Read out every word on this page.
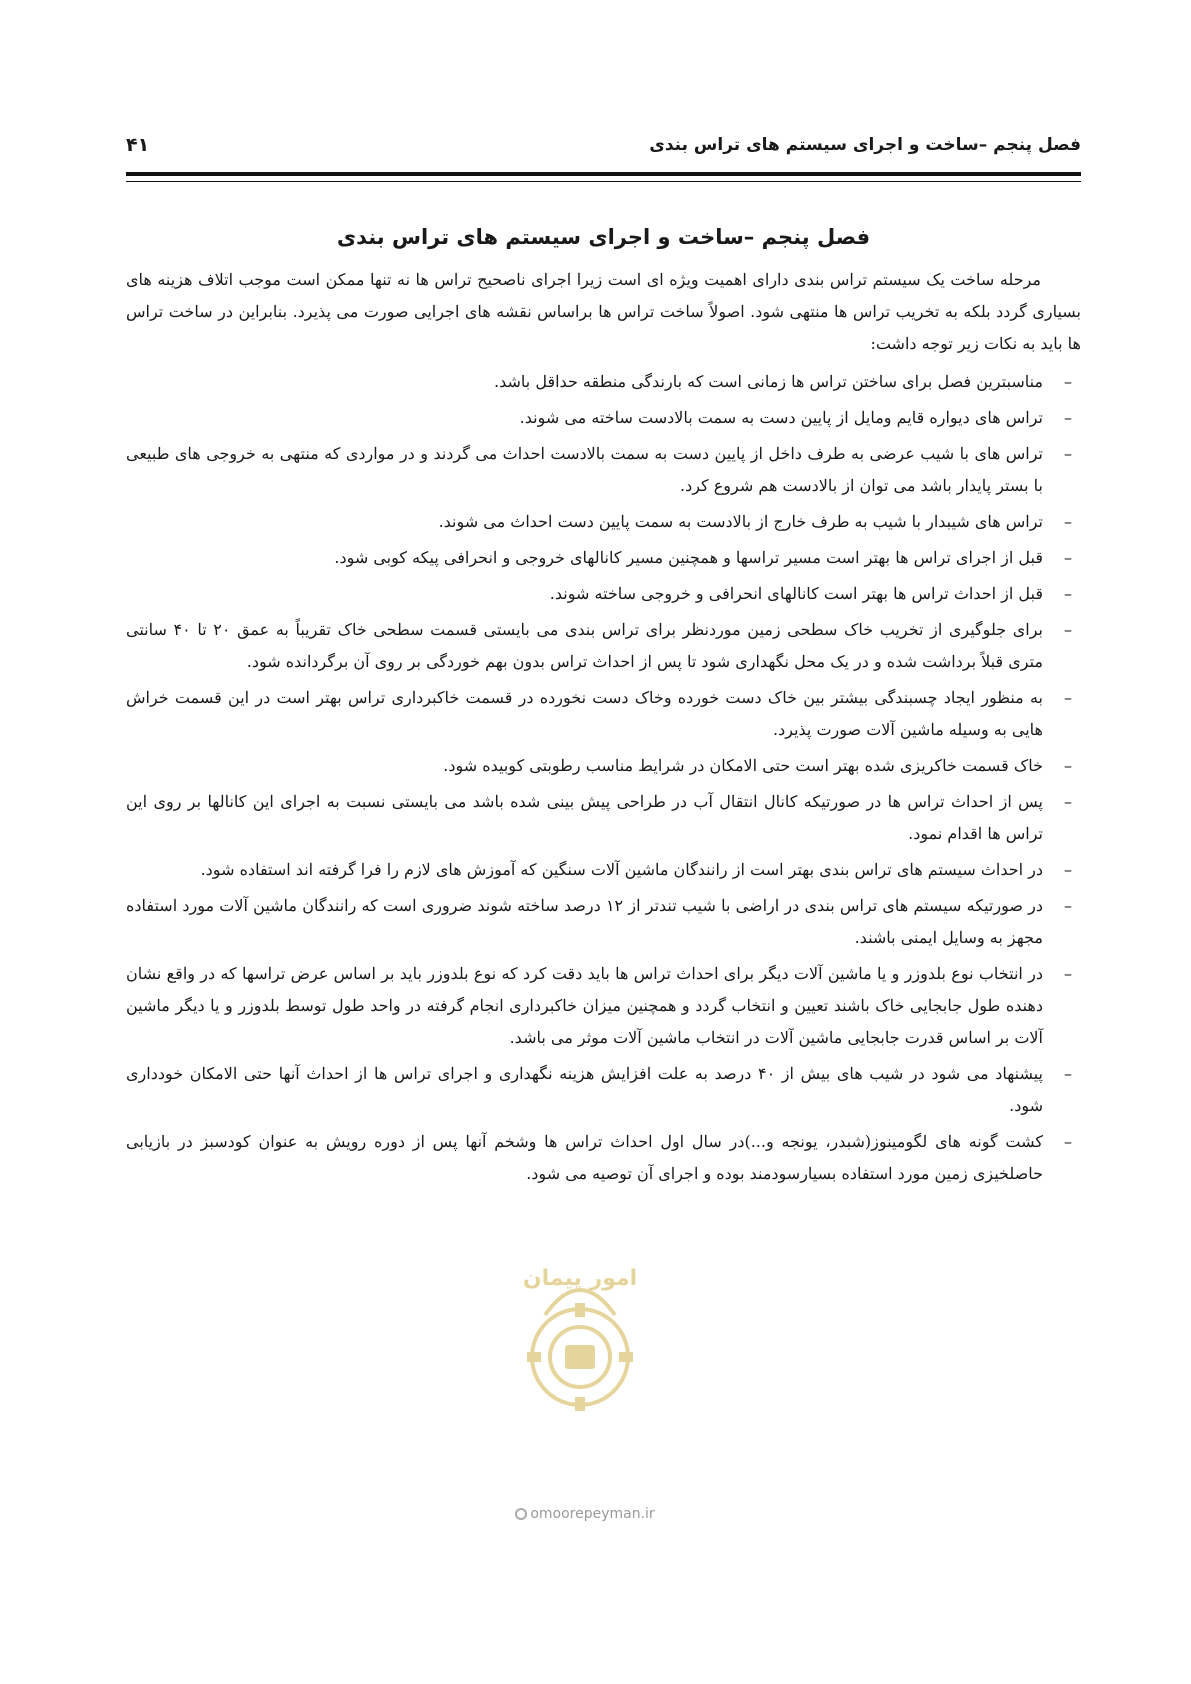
فصل پنجم –ساخت و اجرای سیستم های تراس بندی
۴۱
فصل پنجم –ساخت و اجرای سیستم های تراس بندی

مرحله ساخت یک سیستم تراس بندی دارای اهمیت ویژه ای است زیرا اجرای ناصحیح تراس ها نه تنها ممکن است موجب اتلاف هزینه های بسیاری گردد بلکه به تخریب تراس ها منتهی شود. اصولاً ساخت تراس ها براساس نقشه های اجرایی صورت می پذیرد. بنابراین در ساخت تراس ها باید به نکات زیر توجه داشت:

–
مناسبترین فصل برای ساختن تراس ها زمانی است که بارندگی منطقه حداقل باشد.
–
تراس های دیواره قایم ومایل از پایین دست به سمت بالادست ساخته می شوند.
–
تراس های با شیب عرضی به طرف داخل از پایین دست به سمت بالادست احداث می گردند و در مواردی که منتهی به خروجی های طبیعی با بستر پایدار باشد می توان از بالادست هم شروع کرد.
–
تراس های شیبدار با شیب به طرف خارج از بالادست به سمت پایین دست احداث می شوند.
–
قبل از اجرای تراس ها بهتر است مسیر تراسها و همچنین مسیر کانالهای خروجی و انحرافی پیکه کوبی شود.
–
قبل از احداث تراس ها بهتر است کانالهای انحرافی و خروجی ساخته شوند.
–
برای جلوگیری از تخریب خاک سطحی زمین موردنظر برای تراس بندی می بایستی قسمت سطحی خاک تقریباً به عمق ۲۰ تا ۴۰ سانتی متری قبلاً برداشت شده و در یک محل نگهداری شود تا پس از احداث تراس بدون بهم خوردگی بر روی آن برگردانده شود.
–
به منظور ایجاد چسبندگی بیشتر بین خاک دست خورده وخاک دست نخورده در قسمت خاکبرداری تراس بهتر است در این قسمت خراش هایی به وسیله ماشین آلات صورت پذیرد.
–
خاک قسمت خاکریزی شده بهتر است حتی الامکان در شرایط مناسب رطوبتی کوبیده شود.
–
پس از احداث تراس ها در صورتیکه کانال انتقال آب در طراحی پیش بینی شده باشد می بایستی نسبت به اجرای این کانالها بر روی این تراس ها اقدام نمود.
–
در احداث سیستم های تراس بندی بهتر است از رانندگان ماشین آلات سنگین که آموزش های لازم را فرا گرفته اند استفاده شود.
–
در صورتیکه سیستم های تراس بندی در اراضی با شیب تندتر از ۱۲ درصد ساخته شوند ضروری است که رانندگان ماشین آلات مورد استفاده مجهز به وسایل ایمنی باشند.
–
در انتخاب نوع بلدوزر و یا ماشین آلات دیگر برای احداث تراس ها باید دقت کرد که نوع بلدوزر باید بر اساس عرض تراسها که در واقع نشان دهنده طول جابجایی خاک باشند تعیین و انتخاب گردد و همچنین میزان خاکبرداری انجام گرفته در واحد طول توسط بلدوزر و یا دیگر ماشین آلات بر اساس قدرت جابجایی ماشین آلات در انتخاب ماشین آلات موثر می باشد.
–
پیشنهاد می شود در شیب های بیش از ۴۰ درصد به علت افزایش هزینه نگهداری و اجرای تراس ها از احداث آنها حتی الامکان خودداری شود.
–
کشت گونه های لگومینوز(شبدر، یونجه و...)در سال اول احداث تراس ها وشخم آنها پس از دوره رویش به عنوان کودسبز در بازیابی حاصلخیزی زمین مورد استفاده بسیارسودمند بوده و اجرای آن توصیه می شود.
امور پیمان
omoorepeyman.ir
